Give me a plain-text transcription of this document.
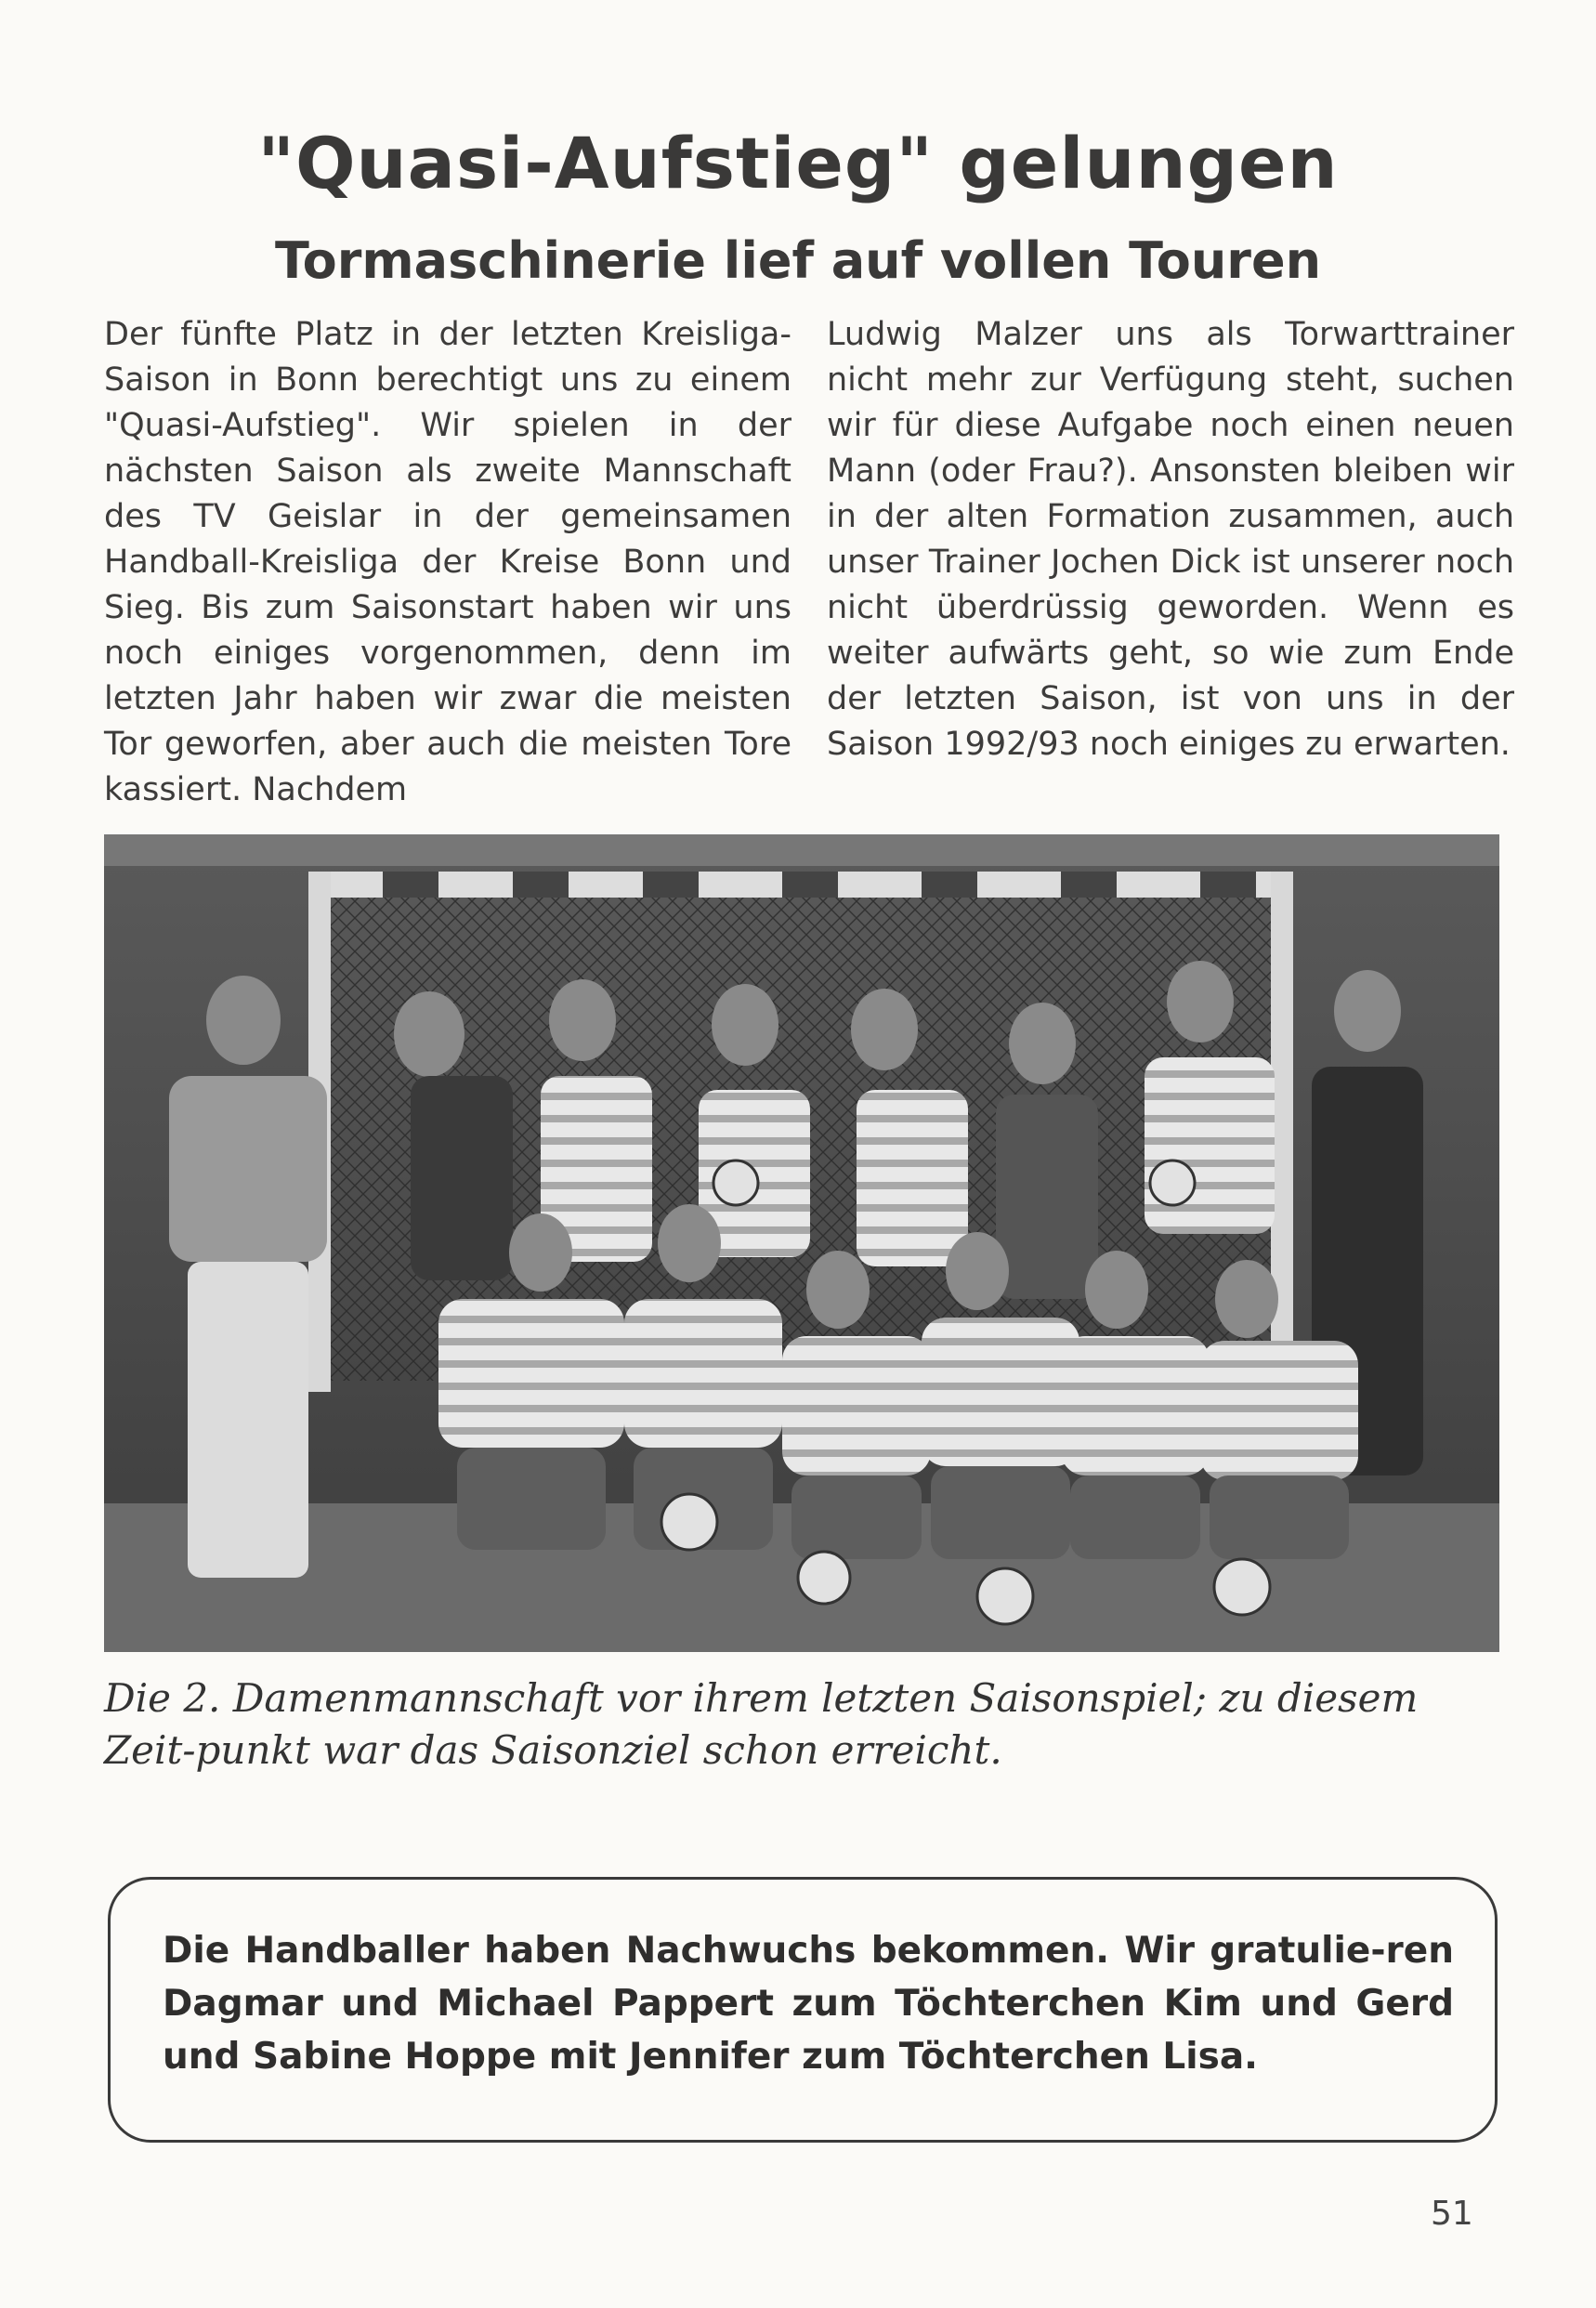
"Quasi-Aufstieg" gelungen
Tormaschinerie lief auf vollen Touren

Der fünfte Platz in der letzten Kreisliga-Saison in Bonn berechtigt uns zu einem "Quasi-Aufstieg". Wir spielen in der nächsten Saison als zweite Mannschaft des TV Geislar in der gemeinsamen Handball-Kreisliga der Kreise Bonn und Sieg. Bis zum Saisonstart haben wir uns noch einiges vorgenommen, denn im letzten Jahr haben wir zwar die meisten Tor geworfen, aber auch die meisten Tore kassiert. Nachdem

Ludwig Malzer uns als Torwarttrainer nicht mehr zur Verfügung steht, suchen wir für diese Aufgabe noch einen neuen Mann (oder Frau?). Ansonsten bleiben wir in der alten Formation zusammen, auch unser Trainer Jochen Dick ist unserer noch nicht überdrüssig geworden. Wenn es weiter aufwärts geht, so wie zum Ende der letzten Saison, ist von uns in der Saison 1992/93 noch einiges zu erwarten.

Die 2. Damenmannschaft vor ihrem letzten Saisonspiel; zu diesem Zeit-punkt war das Saisonziel schon erreicht.

Die Handballer haben Nachwuchs bekommen. Wir gratulie-ren Dagmar und Michael Pappert zum Töchterchen Kim und Gerd und Sabine Hoppe mit Jennifer zum Töchterchen Lisa.

51
